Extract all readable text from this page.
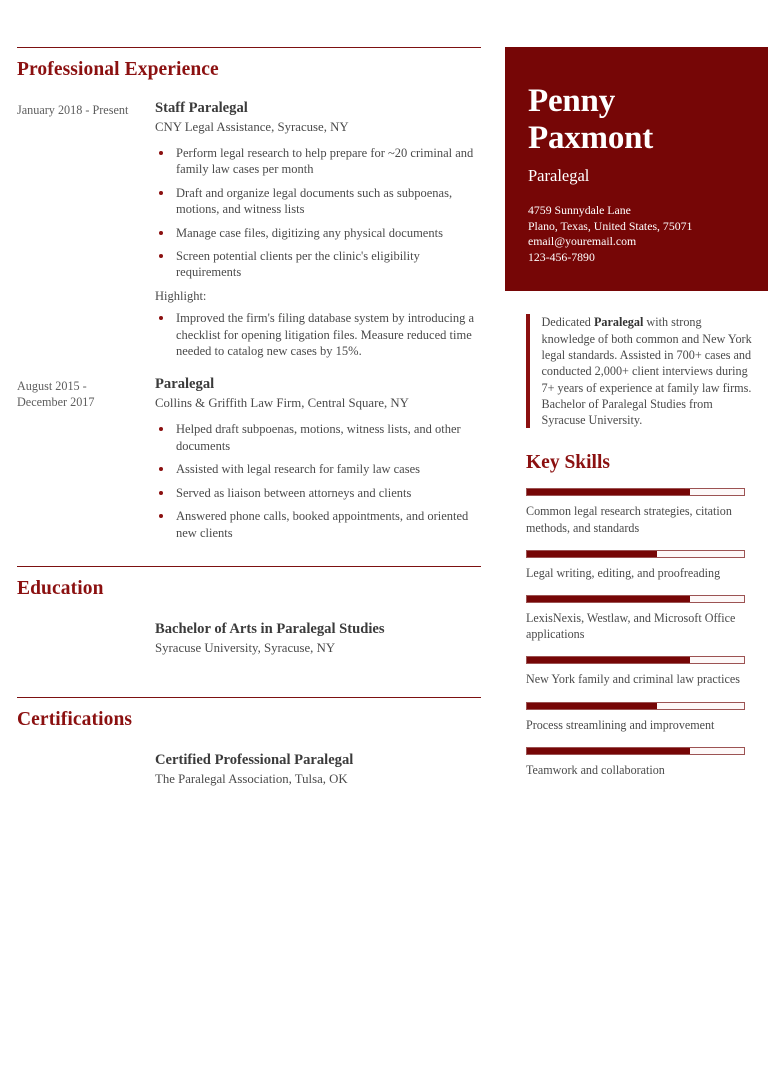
Professional Experience
January 2018 - Present	Staff Paralegal
CNY Legal Assistance, Syracuse, NY
Perform legal research to help prepare for ~20 criminal and family law cases per month
Draft and organize legal documents such as subpoenas, motions, and witness lists
Manage case files, digitizing any physical documents
Screen potential clients per the clinic's eligibility requirements
Highlight:
Improved the firm's filing database system by introducing a checklist for opening litigation files. Measure reduced time needed to catalog new cases by 15%.
August 2015 - December 2017
Paralegal
Collins & Griffith Law Firm, Central Square, NY
Helped draft subpoenas, motions, witness lists, and other documents
Assisted with legal research for family law cases
Served as liaison between attorneys and clients
Answered phone calls, booked appointments, and oriented new clients
Education
Bachelor of Arts in Paralegal Studies
Syracuse University, Syracuse, NY
Certifications
Certified Professional Paralegal
The Paralegal Association, Tulsa, OK
Penny
Paxmont
Paralegal
4759 Sunnydale Lane
Plano, Texas, United States, 75071
email@youremail.com
123-456-7890
Dedicated Paralegal with strong knowledge of both common and New York legal standards. Assisted in 700+ cases and conducted 2,000+ client interviews during 7+ years of experience at family law firms. Bachelor of Paralegal Studies from Syracuse University.
Key Skills
Common legal research strategies, citation methods, and standards
Legal writing, editing, and proofreading
LexisNexis, Westlaw, and Microsoft Office applications
New York family and criminal law practices
Process streamlining and improvement
Teamwork and collaboration
